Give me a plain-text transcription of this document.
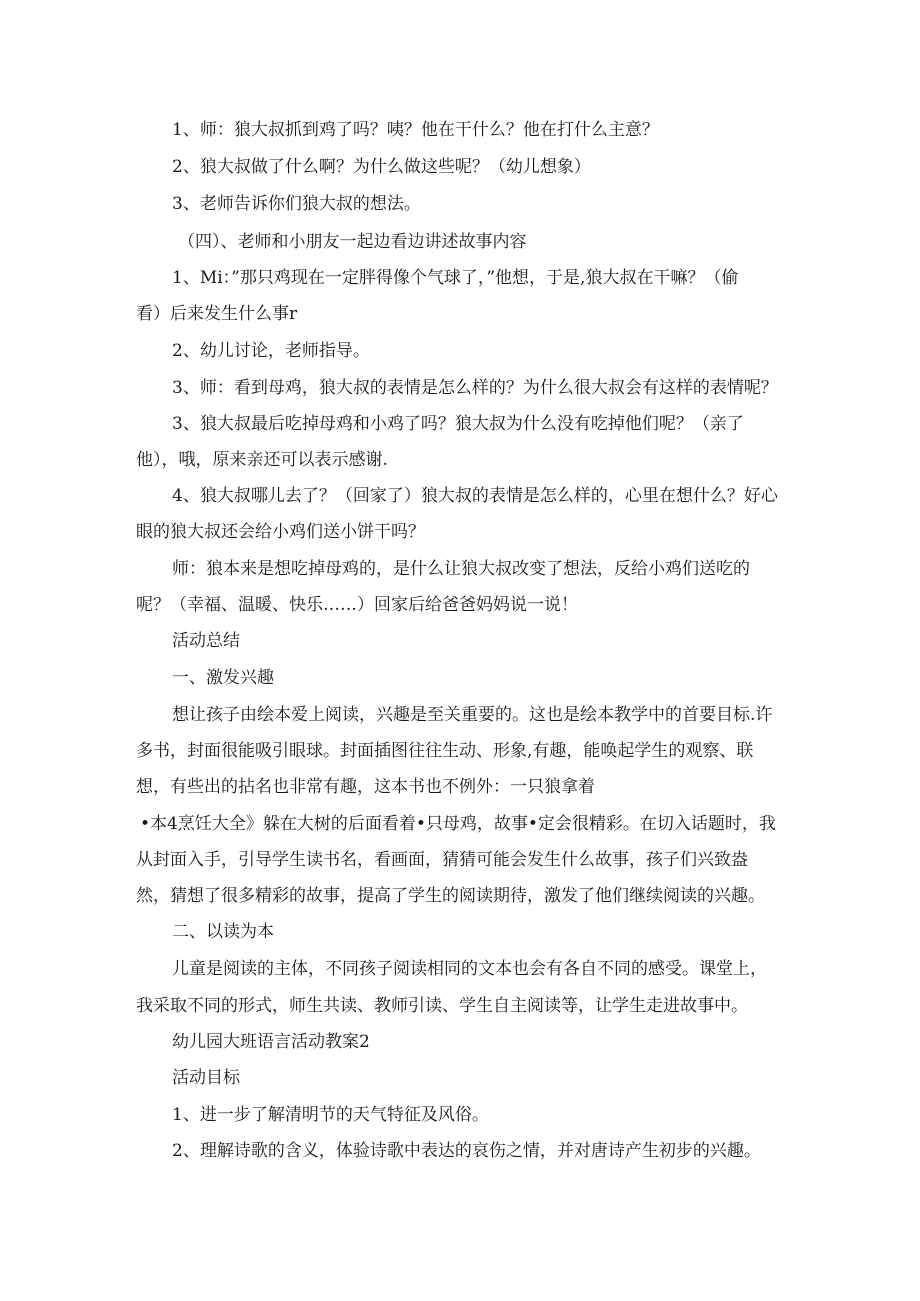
1、师：狼大叔抓到鸡了吗？咦？他在干什么？他在打什么主意？
2、狼大叔做了什么啊？为什么做这些呢？（幼儿想象）
3、老师告诉你们狼大叔的想法。
（四）、老师和小朋友一起边看边讲述故事内容
1、Mi：”那只鸡现在一定胖得像个气球了，”他想，于是,狼大叔在干嘛？（偷
看）后来发生什么事r
2、幼儿讨论，老师指导。
3、师：看到母鸡，狼大叔的表情是怎么样的？为什么很大叔会有这样的表情呢？
3、狼大叔最后吃掉母鸡和小鸡了吗？狼大叔为什么没有吃掉他们呢？（亲了
他），哦，原来亲还可以表示感谢.
4、狼大叔哪儿去了？（回家了）狼大叔的表情是怎么样的，心里在想什么？好心
眼的狼大叔还会给小鸡们送小饼干吗？
师：狼本来是想吃掉母鸡的，是什么让狼大叔改变了想法，反给小鸡们送吃的
呢？（幸福、温暖、快乐……）回家后给爸爸妈妈说一说！
活动总结
一、激发兴趣
想让孩子由绘本爱上阅读，兴趣是至关重要的。这也是绘本教学中的首要目标.许
多书，封面很能吸引眼球。封面插图往往生动、形象,有趣，能唤起学生的观察、联
想，有些出的拈名也非常有趣，这本书也不例外：一只狼拿着
•本4烹饪大全》躲在大树的后面看着•只母鸡，故事•定会很精彩。在切入话题时，我
从封面入手，引导学生读书名，看画面，猜猜可能会发生什么故事，孩子们兴致盎
然，猜想了很多精彩的故事，提高了学生的阅读期待，激发了他们继续阅读的兴趣。
二、以读为本
儿童是阅读的主体，不同孩子阅读相同的文本也会有各自不同的感受。课堂上，
我采取不同的形式，师生共读、教师引读、学生自主阅读等，让学生走进故事中。
幼儿园大班语言活动教案2
活动目标
1、进一步了解清明节的天气特征及风俗。
2、理解诗歌的含义，体验诗歌中表达的哀伤之情，并对唐诗产生初步的兴趣。
